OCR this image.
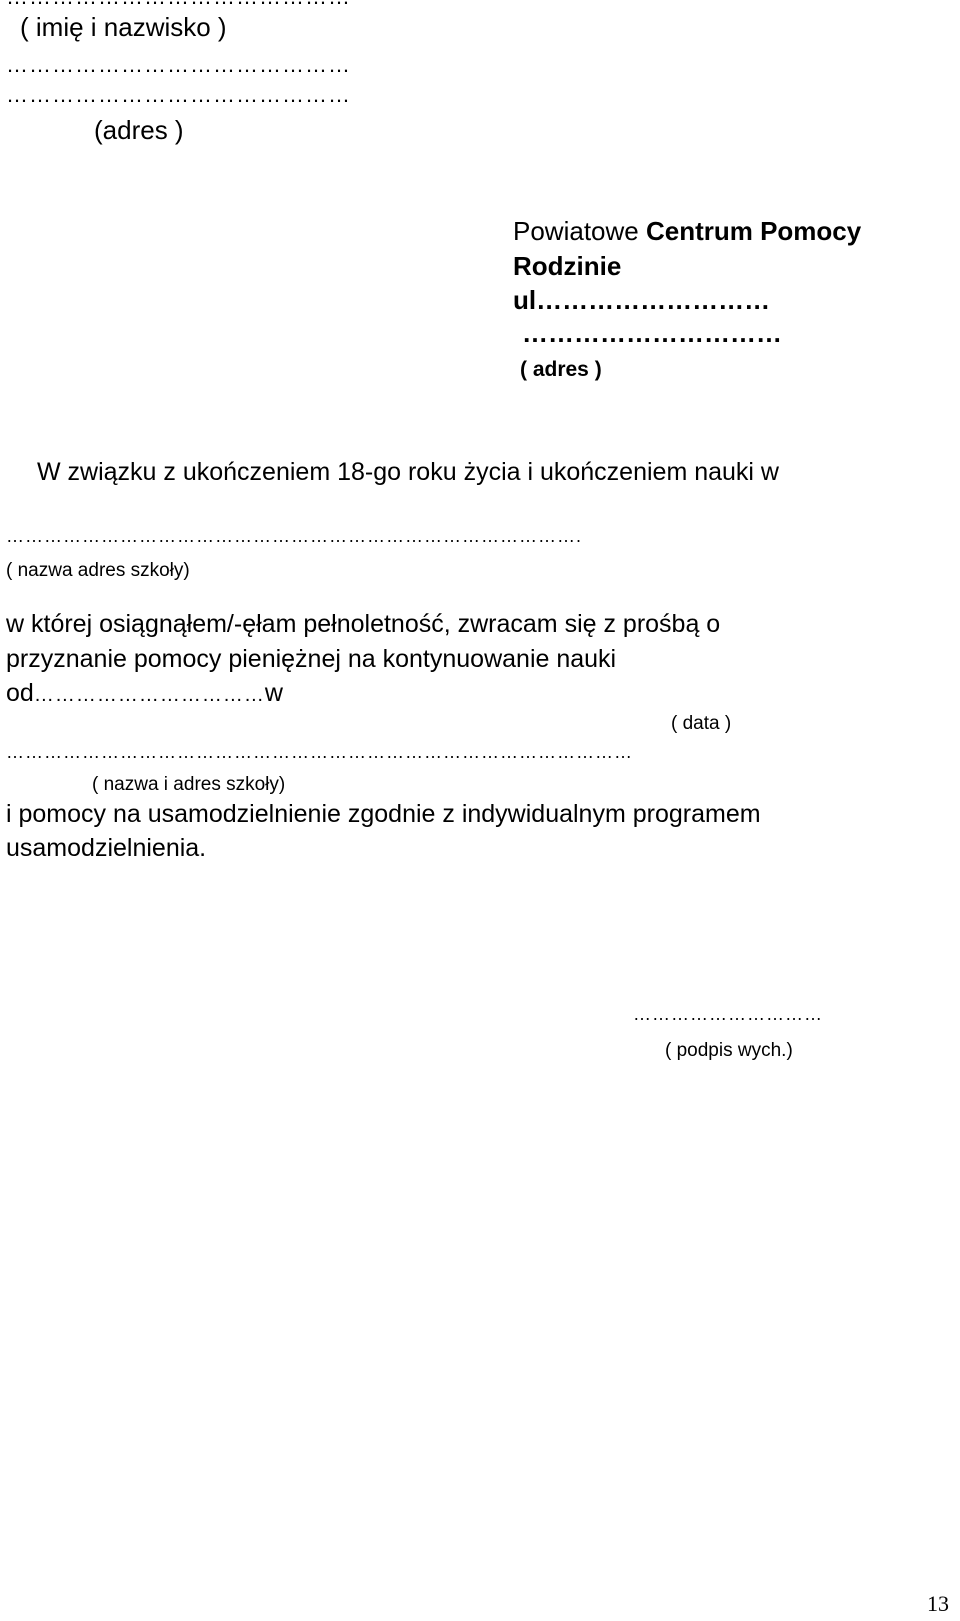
( imię i nazwisko )
………………………………………
………………………………………
(adres )
Powiatowe Centrum Pomocy
Rodzinie
ul………………………
…………………………
( adres )
W związku z ukończeniem 18-go roku życia i ukończeniem nauki w
……………………………………………………………………………….
( nazwa adres szkoły)
w której osiągnąłem/-ęłam pełnoletność, zwracam się z prośbą o
przyznanie pomocy pieniężnej na kontynuowanie nauki
od……………………………w
( data )
………………………………………………………………………………………
( nazwa i adres szkoły)
i pomocy na usamodzielnienie zgodnie z indywidualnym programem
usamodzielnienia.
…………………………
( podpis wych.)
13
